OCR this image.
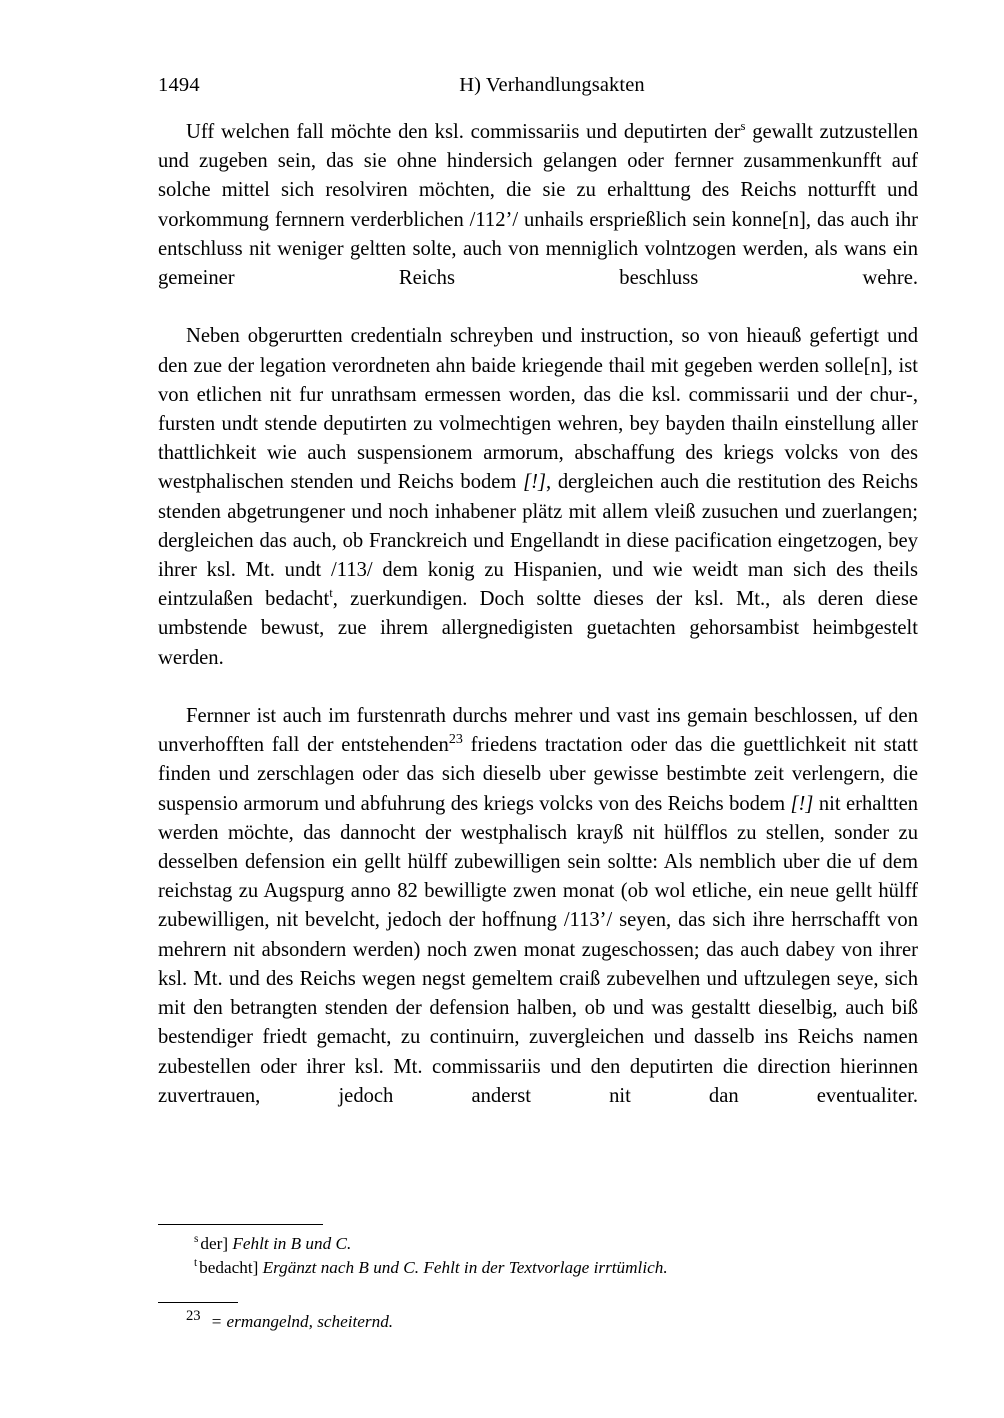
1494	H) Verhandlungsakten

Uff welchen fall möchte den ksl. commissariis und deputirten der$^s$ gewallt zutzustellen und zugeben sein, das sie ohne hindersich gelangen oder fernner zusammenkunfft auf solche mittel sich resolviren möchten, die sie zu erhalttung des Reichs notturfft und vorkommung fernnern verderblichen /112’/ unhails ersprießlich sein konne[n], das auch ihr entschluss nit weniger geltten solte, auch von menniglich volntzogen werden, als wans ein gemeiner Reichs beschluss wehre.

Neben obgerurtten credentialn schreyben und instruction, so von hieauß gefertigt und den zue der legation verordneten ahn baide kriegende thail mit gegeben werden solle[n], ist von etlichen nit fur unrathsam ermessen worden, das die ksl. commissarii und der chur-, fursten undt stende deputirten zu volmechtigen wehren, bey bayden thailn einstellung aller thattlichkeit wie auch suspensionem armorum, abschaffung des kriegs volcks von des westphalischen stenden und Reichs bodem [!], dergleichen auch die restitution des Reichs stenden abgetrungener und noch inhabener plätz mit allem vleiß zusuchen und zuerlangen; dergleichen das auch, ob Franckreich und Engellandt in diese pacification eingetzogen, bey ihrer ksl. Mt. undt /113/ dem konig zu Hispanien, und wie weidt man sich des theils eintzulaßen bedacht$^t$, zuerkundigen. Doch soltte dieses der ksl. Mt., als deren diese umbstende bewust, zue ihrem allergnedigisten guetachten gehorsambist heimbgestelt werden.

Fernner ist auch im furstenrath durchs mehrer und vast ins gemain beschlossen, uf den unverhofften fall der entstehenden$^{23}$ friedens tractation oder das die guettlichkeit nit statt finden und zerschlagen oder das sich dieselb uber gewisse bestimbte zeit verlengern, die suspensio armorum und abfuhrung des kriegs volcks von des Reichs bodem [!] nit erhaltten werden möchte, das dannocht der westphalisch krayß nit hülfflos zu stellen, sonder zu desselben defension ein gellt hülff zubewilligen sein soltte: Als nemblich uber die uf dem reichstag zu Augspurg anno 82 bewilligte zwen monat (ob wol etliche, ein neue gellt hülff zubewilligen, nit bevelcht, jedoch der hoffnung /113’/ seyen, das sich ihre herrschafft von mehrern nit absondern werden) noch zwen monat zugeschossen; das auch dabey von ihrer ksl. Mt. und des Reichs wegen negst gemeltem craiß zubevelhen und uftzulegen seye, sich mit den betrangten stenden der defension halben, ob und was gestaltt dieselbig, auch biß bestendiger friedt gemacht, zu continuirn, zuvergleichen und dasselb ins Reichs namen zubestellen oder ihrer ksl. Mt. commissariis und den deputirten die direction hierinnen zuvertrauen, jedoch anderst nit dan eventualiter.

$^s$ der] Fehlt in B und C.
$^t$ bedacht] Ergänzt nach B und C. Fehlt in der Textvorlage irrtümlich.
$^{23}$ = ermangelnd, scheiternd.
